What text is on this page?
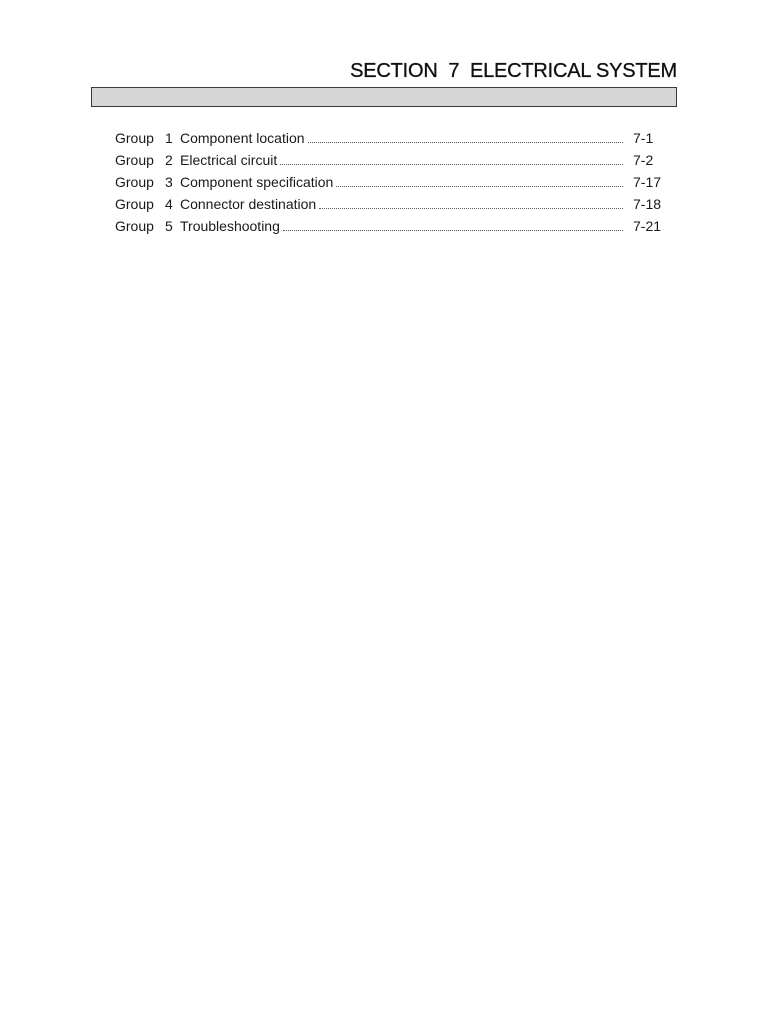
SECTION  7  ELECTRICAL SYSTEM
Group 1 Component location	7-1
Group 2 Electrical circuit	7-2
Group 3 Component specification	7-17
Group 4 Connector destination	7-18
Group 5 Troubleshooting	7-21
